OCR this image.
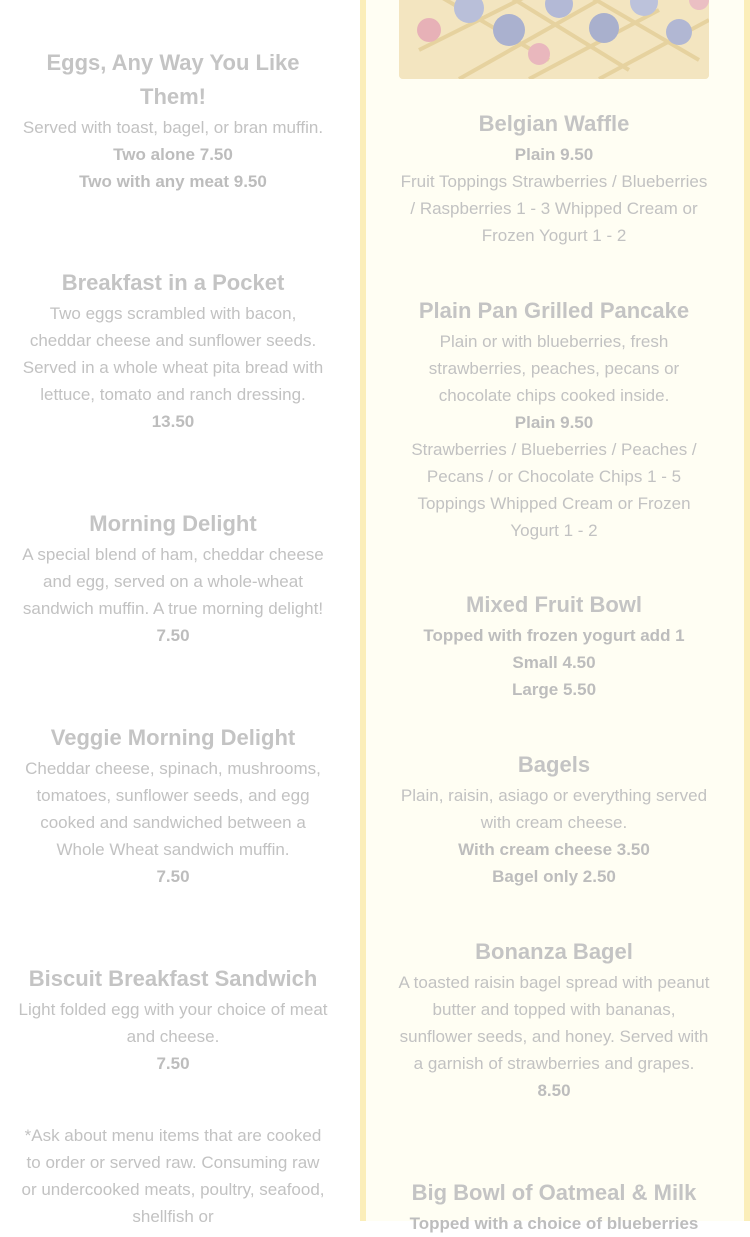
Eggs, Any Way You Like Them!
Served with toast, bagel, or bran muffin.
Two alone 7.50
Two with any meat 9.50
Breakfast in a Pocket
Two eggs scrambled with bacon, cheddar cheese and sunflower seeds. Served in a whole wheat pita bread with lettuce, tomato and ranch dressing.
13.50
Morning Delight
A special blend of ham, cheddar cheese and egg, served on a whole-wheat sandwich muffin. A true morning delight!
7.50
Veggie Morning Delight
Cheddar cheese, spinach, mushrooms, tomatoes, sunflower seeds, and egg cooked and sandwiched between a Whole Wheat sandwich muffin.
7.50
Biscuit Breakfast Sandwich
Light folded egg with your choice of meat and cheese.
7.50
*Ask about menu items that are cooked to order or served raw. Consuming raw or undercooked meats, poultry, seafood, shellfish or
Belgian Waffle
Plain 9.50
Fruit Toppings Strawberries / Blueberries / Raspberries 1 - 3 Whipped Cream or Frozen Yogurt 1 - 2
Plain Pan Grilled Pancake
Plain or with blueberries, fresh strawberries, peaches, pecans or chocolate chips cooked inside.
Plain 9.50
Strawberries / Blueberries / Peaches / Pecans / or Chocolate Chips 1 - 5 Toppings Whipped Cream or Frozen Yogurt 1 - 2
Mixed Fruit Bowl
Topped with frozen yogurt add 1
Small 4.50
Large 5.50
Bagels
Plain, raisin, asiago or everything served with cream cheese.
With cream cheese 3.50
Bagel only 2.50
Bonanza Bagel
A toasted raisin bagel spread with peanut butter and topped with bananas, sunflower seeds, and honey. Served with a garnish of strawberries and grapes.
8.50
Big Bowl of Oatmeal & Milk
Topped with a choice of blueberries
